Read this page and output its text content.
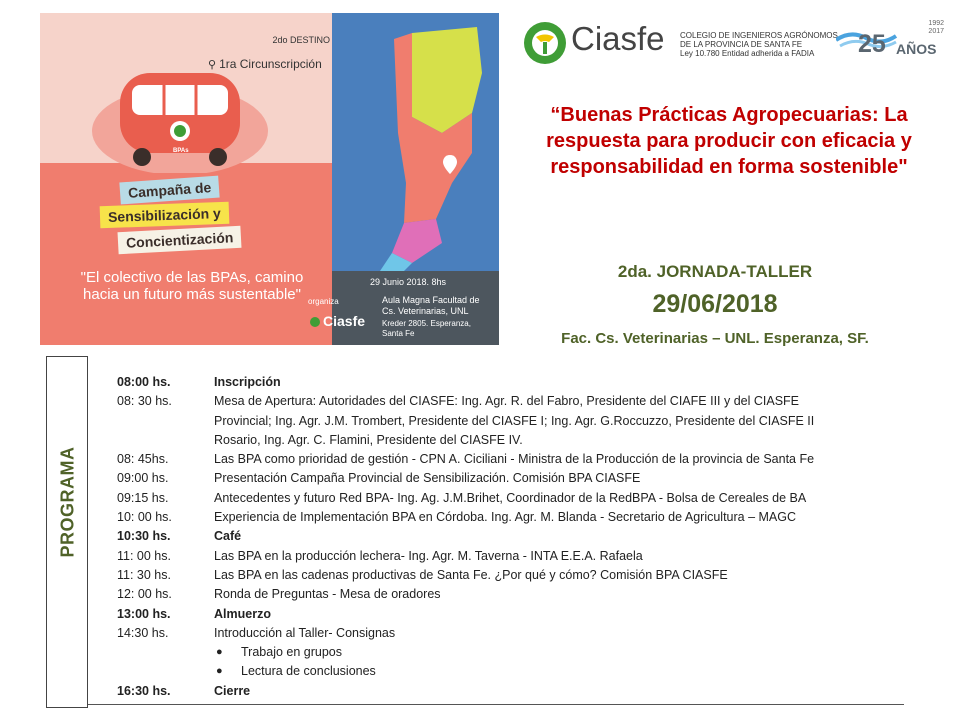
BPAs
2do DESTINO
⚲ 1ra Circunscripción
Campaña de
Sensibilización y
Concientización
"El colectivo de las BPAs, camino hacia un futuro más sustentable"
29 Junio 2018. 8hs
organiza
Ciasfe
Aula Magna Facultad de Cs. Veterinarias, UNL
Kreder 2805. Esperanza, Santa Fe
Ciasfe COLEGIO DE INGENIEROS AGRÓNOMOS
DE LA PROVINCIA DE SANTA FE
Ley 10.780 Entidad adherida a FADIA
1992
2017
25 AÑOS
“Buenas Prácticas Agropecuarias: La respuesta para producir con eficacia y responsabilidad en forma sostenible"
2da. JORNADA-TALLER
29/06/2018
Fac. Cs. Veterinarias – UNL. Esperanza, SF.
PROGRAMA
08:00 hs.	Inscripción
08: 30 hs.	Mesa de Apertura: Autoridades del CIASFE: Ing. Agr. R. del Fabro, Presidente del CIAFE III y del CIASFE
Provincial; Ing. Agr. J.M. Trombert, Presidente del CIASFE I; Ing. Agr. G.Roccuzzo, Presidente del CIASFE II
Rosario, Ing. Agr. C. Flamini, Presidente del CIASFE IV.
08: 45hs.	Las BPA como prioridad de gestión - CPN A. Ciciliani - Ministra de la Producción de la provincia de Santa Fe
09:00 hs.	Presentación Campaña Provincial de Sensibilización. Comisión BPA CIASFE
09:15 hs.	Antecedentes y futuro Red BPA- Ing. Ag. J.M.Brihet, Coordinador de la RedBPA - Bolsa de Cereales de BA
10: 00 hs.	Experiencia de Implementación BPA en Córdoba. Ing. Agr. M. Blanda - Secretario de Agricultura – MAGC
10:30 hs.	Café
11: 00 hs.	Las BPA en la producción lechera- Ing. Agr. M. Taverna - INTA E.E.A. Rafaela
11: 30 hs.	Las BPA en las cadenas productivas de Santa Fe. ¿Por qué y cómo? Comisión BPA CIASFE
12: 00 hs.	Ronda de Preguntas - Mesa de oradores
13:00 hs.	Almuerzo
14:30 hs.	Introducción al Taller- Consignas
● Trabajo en grupos
● Lectura de conclusiones
16:30 hs.	Cierre
